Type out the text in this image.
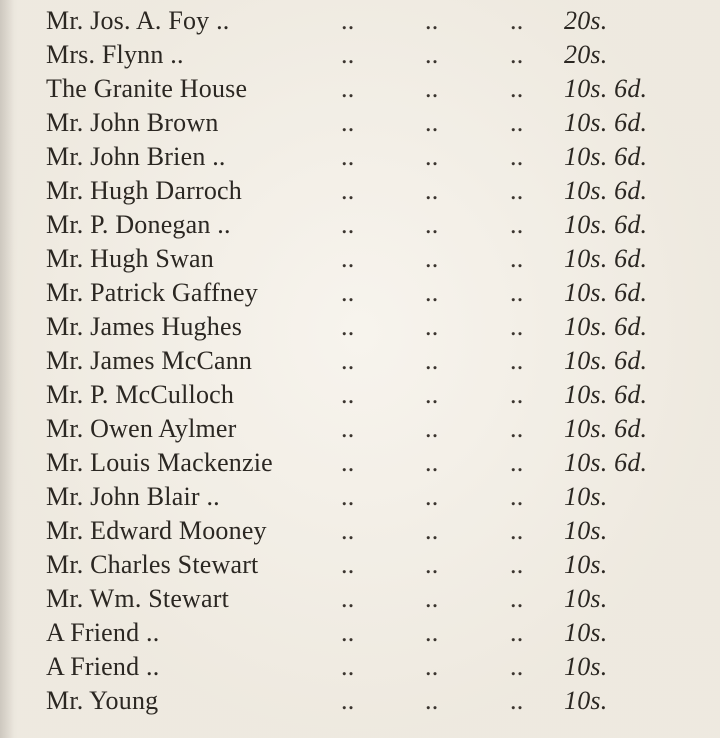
Mr. Jos. A. Foy ..	..	..	.. 20s.
Mrs. Flynn ..	..	..	.. 20s.
The Granite House	..	..	.. 10s. 6d.
Mr. John Brown	..	..	.. 10s. 6d.
Mr. John Brien ..	..	..	.. 10s. 6d.
Mr. Hugh Darroch	..	..	.. 10s. 6d.
Mr. P. Donegan ..	..	..	.. 10s. 6d.
Mr. Hugh Swan	..	..	.. 10s. 6d.
Mr. Patrick Gaffney	..	..	.. 10s. 6d.
Mr. James Hughes	..	..	.. 10s. 6d.
Mr. James McCann	..	..	.. 10s. 6d.
Mr. P. McCulloch	..	..	.. 10s. 6d.
Mr. Owen Aylmer	..	..	.. 10s. 6d.
Mr. Louis Mackenzie	..	..	.. 10s. 6d.
Mr. John Blair ..	..	..	.. 10s.
Mr. Edward Mooney	..	..	.. 10s.
Mr. Charles Stewart	..	..	.. 10s.
Mr. Wm. Stewart	..	..	.. 10s.
A Friend ..	..	..	.. 10s.
A Friend ..	..	..	.. 10s.
Mr. Young	..	..	.. 10s.
